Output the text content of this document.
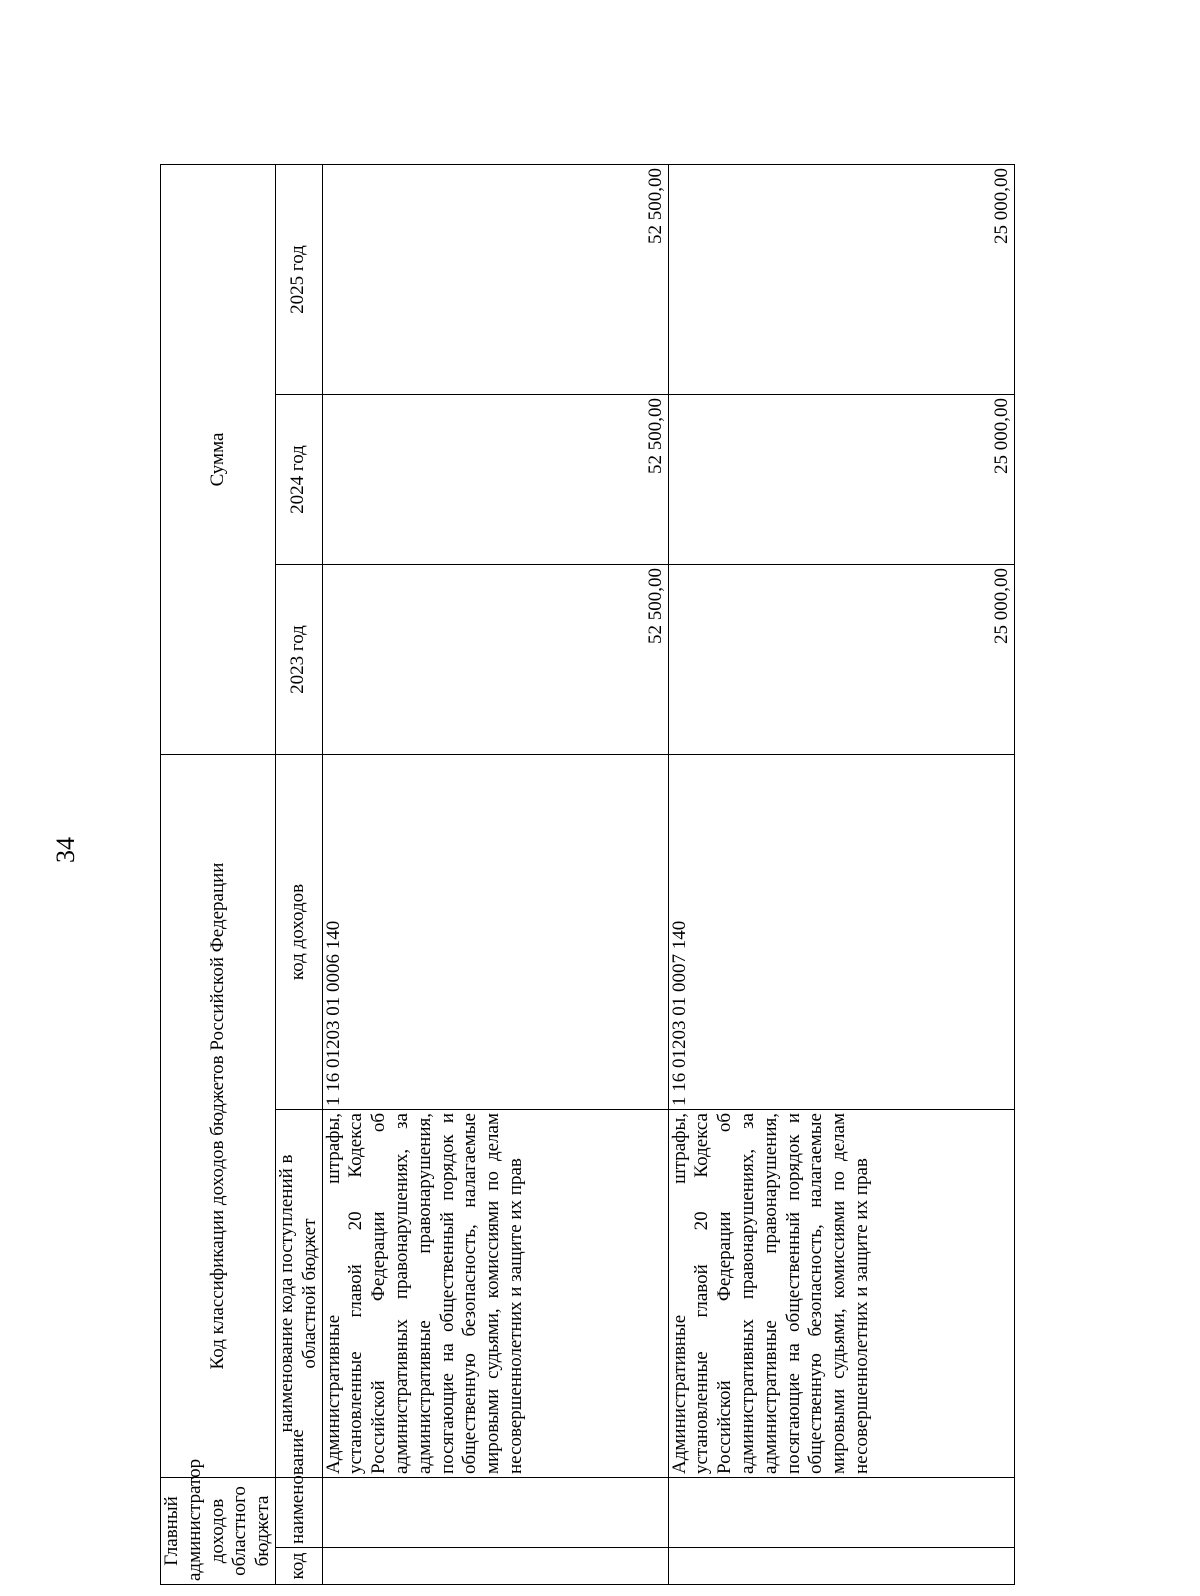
34
Главный администратор доходов областного бюджета		Код классификации доходов бюджетов Российской Федерации		Сумма		
код	наименование	наименование кода поступлений в областной бюджет	код доходов			
				2023 год	2024 год	2025 год
		Административные штрафы, установленные главой 20 Кодекса Российской Федерации об административных правонарушениях, за административные правонарушения, посягающие на общественный порядок и общественную безопасность, налагаемые мировыми судьями, комиссиями по делам несовершеннолетних и защите их прав	1 16 01203 01 0006 140	52 500,00	52 500,00	52 500,00
		Административные штрафы, установленные главой 20 Кодекса Российской Федерации об административных правонарушениях, за административные правонарушения, посягающие на общественный порядок и общественную безопасность, налагаемые мировыми судьями, комиссиями по делам несовершеннолетних и защите их прав	1 16 01203 01 0007 140	25 000,00	25 000,00	25 000,00
